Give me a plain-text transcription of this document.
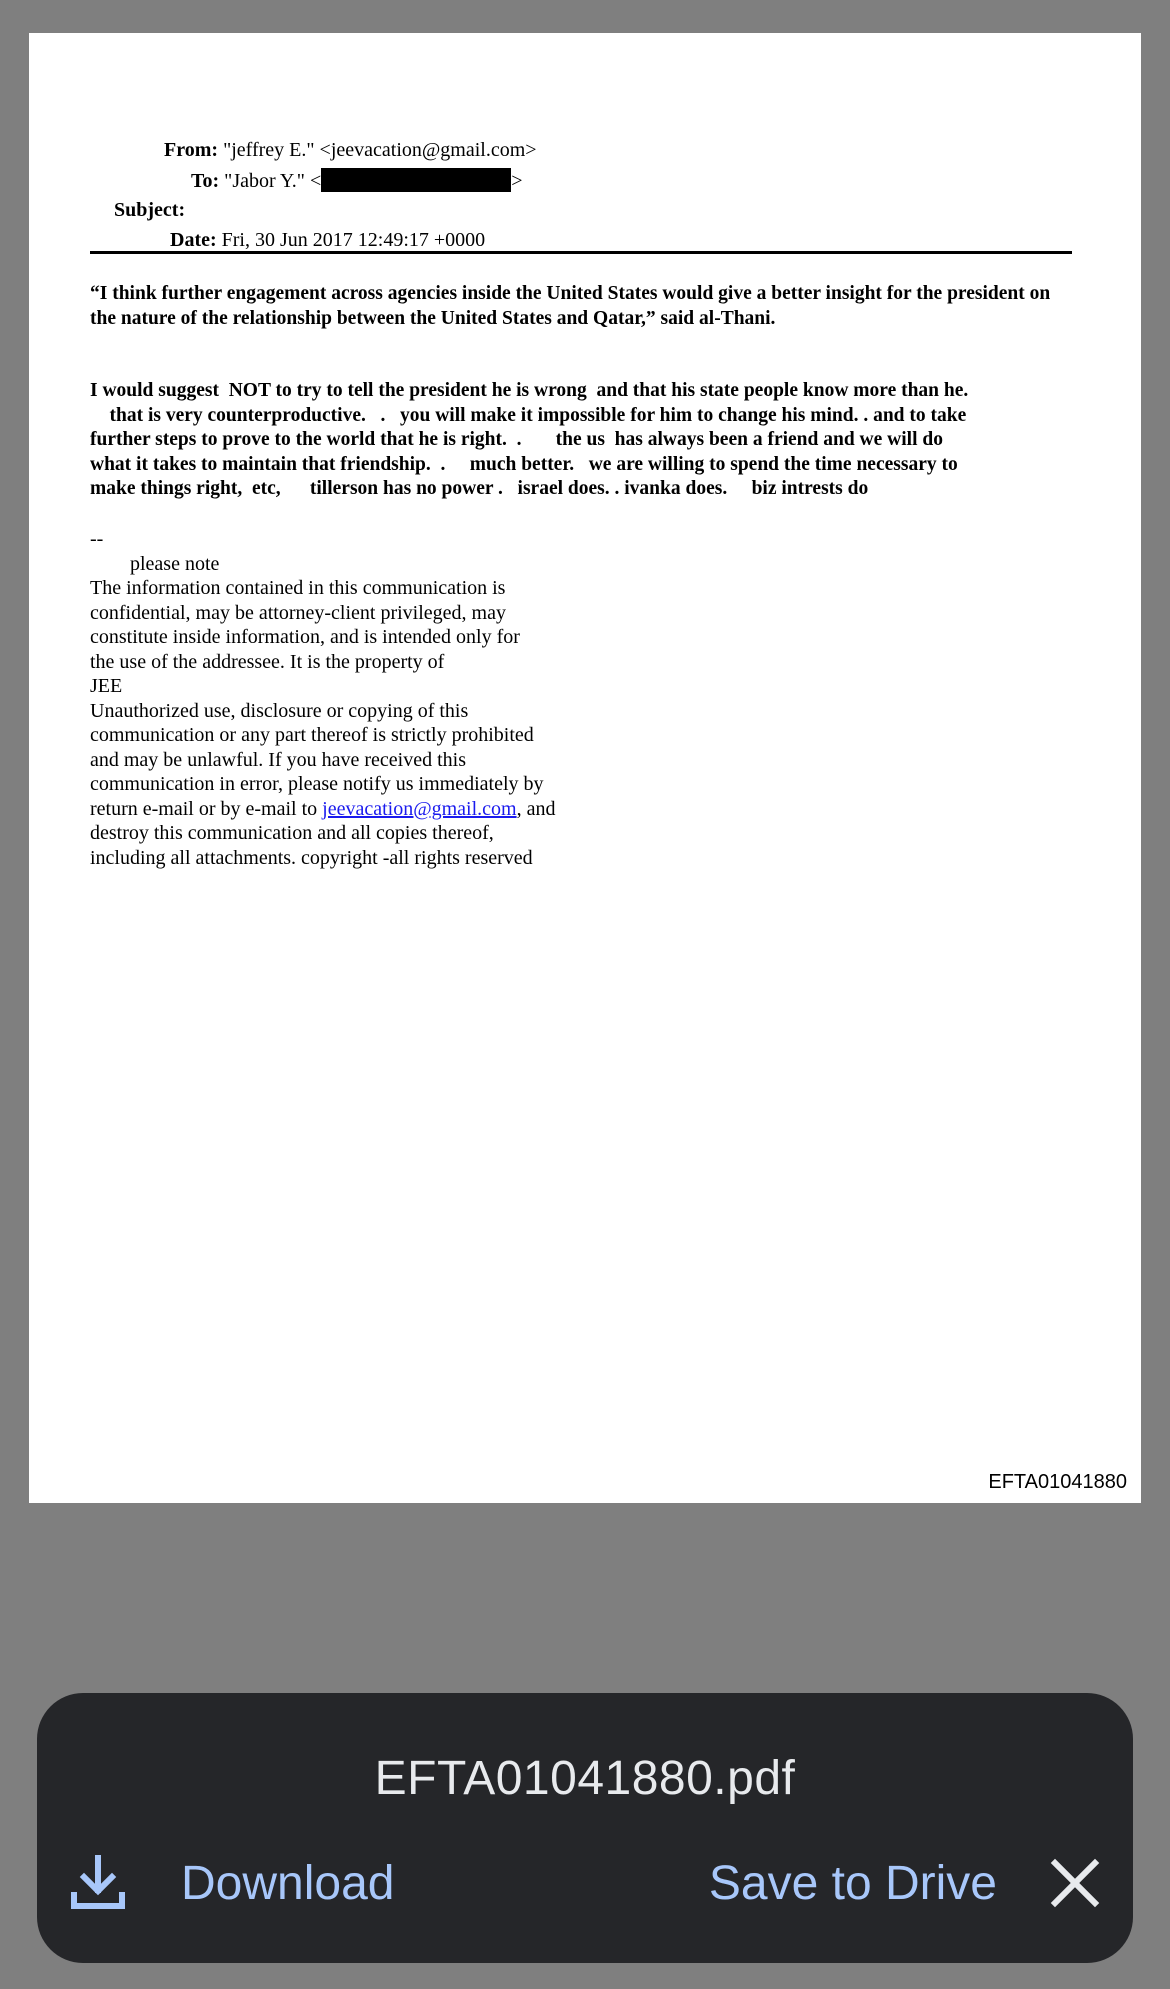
From: "jeffrey E." <jeevacation@gmail.com>
To: "Jabor Y." <	>
Subject:
Date: Fri, 30 Jun 2017 12:49:17 +0000
“I think further engagement across agencies inside the United States would give a better insight for the president on the nature of the relationship between the United States and Qatar,” said al-Thani.
I would suggest  NOT to try to tell the president he is wrong  and that his state people know more than he.
that is very counterproductive.   .   you will make it impossible for him to change his mind. . and to take
further steps to prove to the world that he is right.  .       the us  has always been a friend and we will do
what it takes to maintain that friendship.  .     much better.   we are willing to spend the time necessary to
make things right,  etc,      tillerson has no power .   israel does. . ivanka does.     biz intrests do
--
please note
The information contained in this communication is
confidential, may be attorney-client privileged, may
constitute inside information, and is intended only for
the use of the addressee. It is the property of
JEE
Unauthorized use, disclosure or copying of this
communication or any part thereof is strictly prohibited
and may be unlawful. If you have received this
communication in error, please notify us immediately by
return e-mail or by e-mail to jeevacation@gmail.com, and
destroy this communication and all copies thereof,
including all attachments. copyright -all rights reserved
EFTA01041880
EFTA01041880.pdf
Download	Save to Drive
